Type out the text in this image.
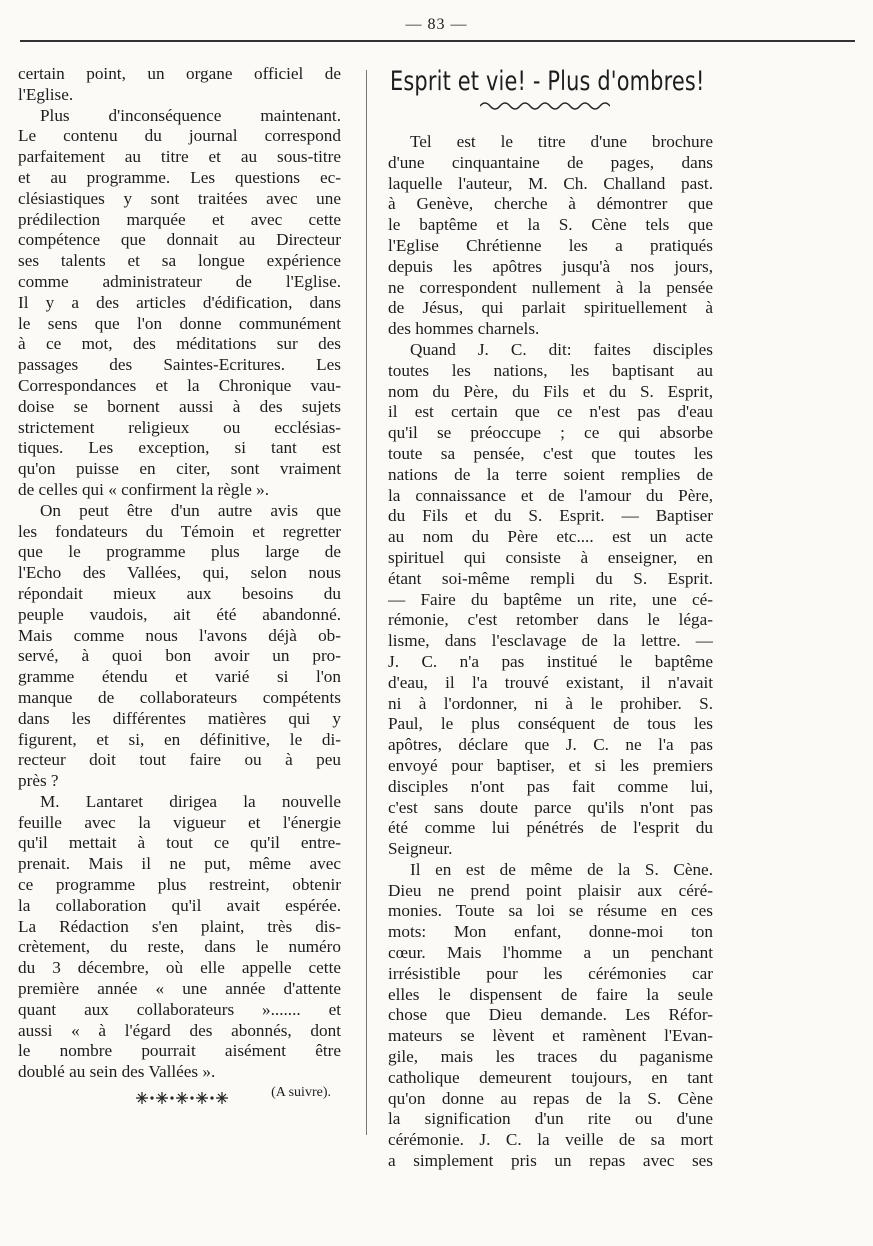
— 83 —
certain point, un organe officiel de
l'Eglise.
Plus d'inconséquence maintenant.
Le contenu du journal correspond
parfaitement au titre et au sous-titre
et au programme. Les questions ec-
clésiastiques y sont traitées avec une
prédilection marquée et avec cette
compétence que donnait au Directeur
ses talents et sa longue expérience
comme administrateur de l'Eglise.
Il y a des articles d'édification, dans
le sens que l'on donne communément
à ce mot, des méditations sur des
passages des Saintes-Ecritures. Les
Correspondances et la Chronique vau-
doise se bornent aussi à des sujets
strictement religieux ou ecclésias-
tiques. Les exception, si tant est
qu'on puisse en citer, sont vraiment
de celles qui « confirment la règle ».
On peut être d'un autre avis que
les fondateurs du Témoin et regretter
que le programme plus large de
l'Echo des Vallées, qui, selon nous
répondait mieux aux besoins du
peuple vaudois, ait été abandonné.
Mais comme nous l'avons déjà ob-
servé, à quoi bon avoir un pro-
gramme étendu et varié si l'on
manque de collaborateurs compétents
dans les différentes matières qui y
figurent, et si, en définitive, le di-
recteur doit tout faire ou à peu
près ?
M. Lantaret dirigea la nouvelle
feuille avec la vigueur et l'énergie
qu'il mettait à tout ce qu'il entre-
prenait. Mais il ne put, même avec
ce programme plus restreint, obtenir
la collaboration qu'il avait espérée.
La Rédaction s'en plaint, très dis-
crètement, du reste, dans le numéro
du 3 décembre, où elle appelle cette
première année « une année d'attente
quant aux collaborateurs »....... et
aussi « à l'égard des abonnés, dont
le nombre pourrait aisément être
doublé au sein des Vallées ».
(A suivre).
Esprit et vie! - Plus d'ombres!
Tel est le titre d'une brochure
d'une cinquantaine de pages, dans
laquelle l'auteur, M. Ch. Challand past.
à Genève, cherche à démontrer que
le baptême et la S. Cène tels que
l'Eglise Chrétienne les a pratiqués
depuis les apôtres jusqu'à nos jours,
ne correspondent nullement à la pensée
de Jésus, qui parlait spirituellement à
des hommes charnels.
Quand J. C. dit: faites disciples
toutes les nations, les baptisant au
nom du Père, du Fils et du S. Esprit,
il est certain que ce n'est pas d'eau
qu'il se préoccupe ; ce qui absorbe
toute sa pensée, c'est que toutes les
nations de la terre soient remplies de
la connaissance et de l'amour du Père,
du Fils et du S. Esprit. — Baptiser
au nom du Père etc.... est un acte
spirituel qui consiste à enseigner, en
étant soi-même rempli du S. Esprit.
— Faire du baptême un rite, une cé-
rémonie, c'est retomber dans le léga-
lisme, dans l'esclavage de la lettre. —
J. C. n'a pas institué le baptême
d'eau, il l'a trouvé existant, il n'avait
ni à l'ordonner, ni à le prohiber. S.
Paul, le plus conséquent de tous les
apôtres, déclare que J. C. ne l'a pas
envoyé pour baptiser, et si les premiers
disciples n'ont pas fait comme lui,
c'est sans doute parce qu'ils n'ont pas
été comme lui pénétrés de l'esprit du
Seigneur.
Il en est de même de la S. Cène.
Dieu ne prend point plaisir aux céré-
monies. Toute sa loi se résume en ces
mots: Mon enfant, donne-moi ton
cœur. Mais l'homme a un penchant
irrésistible pour les cérémonies car
elles le dispensent de faire la seule
chose que Dieu demande. Les Réfor-
mateurs se lèvent et ramènent l'Evan-
gile, mais les traces du paganisme
catholique demeurent toujours, en tant
qu'on donne au repas de la S. Cène
la signification d'un rite ou d'une
cérémonie. J. C. la veille de sa mort
a simplement pris un repas avec ses
